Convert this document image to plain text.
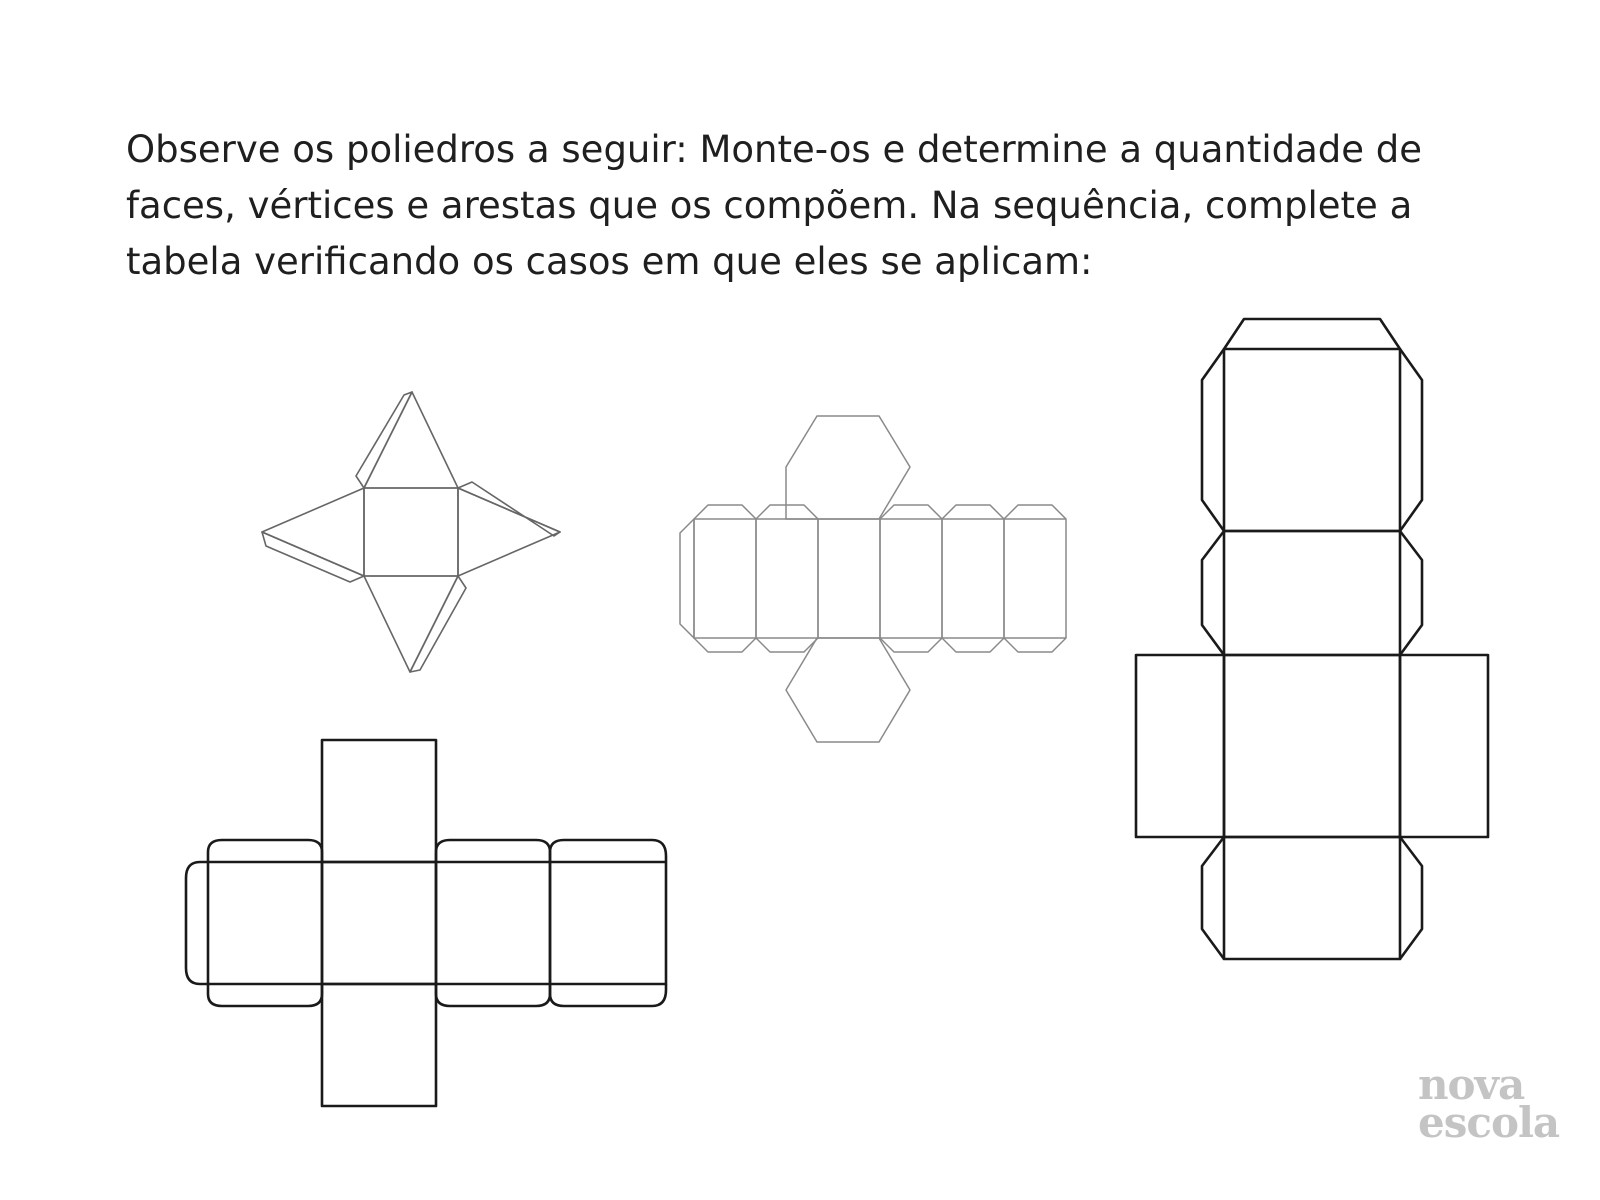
Observe os poliedros a seguir: Monte-os e determine a quantidade de
faces, vértices e arestas que os compõem. Na sequência, complete a
tabela verificando os casos em que eles se aplicam:
nova
escola
